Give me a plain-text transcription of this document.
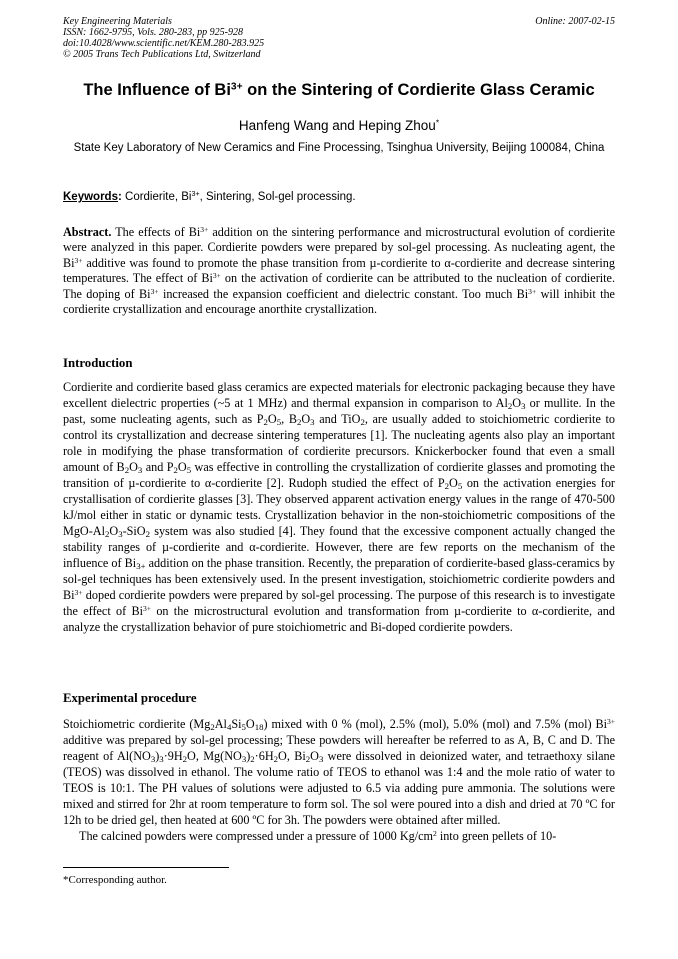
Key Engineering Materials
ISSN: 1662-9795, Vols. 280-283, pp 925-928
doi:10.4028/www.scientific.net/KEM.280-283.925
© 2005 Trans Tech Publications Ltd, Switzerland
Online: 2007-02-15
The Influence of $Bi^{3+}$ on the Sintering of Cordierite Glass Ceramic
Hanfeng Wang and Heping Zhou*
State Key Laboratory of New Ceramics and Fine Processing, Tsinghua University, Beijing 100084, China
Keywords: Cordierite, $Bi^{3+}$, Sintering, Sol-gel processing.
Abstract. The effects of $Bi^{3+}$ addition on the sintering performance and microstructural evolution of cordierite were analyzed in this paper. Cordierite powders were prepared by sol-gel processing. As nucleating agent, the $Bi^{3+}$ additive was found to promote the phase transition from µ-cordierite to α-cordierite and decrease sintering temperatures. The effect of $Bi^{3+}$ on the activation of cordierite can be attributed to the nucleation of cordierite. The doping of $Bi^{3+}$ increased the expansion coefficient and dielectric constant. Too much $Bi^{3+}$ will inhibit the cordierite crystallization and encourage anorthite crystallization.
Introduction

Cordierite and cordierite based glass ceramics are expected materials for electronic packaging because they have excellent dielectric properties (~5 at 1 MHz) and thermal expansion in comparison to $Al_2O_3$ or mullite. In the past, some nucleating agents, such as $P_2O_5$, $B_2O_3$ and TiO$_2$, are usually added to stoichiometric cordierite to control its crystallization and decrease sintering temperatures [1]. The nucleating agents also play an important role in modifying the phase transformation of cordierite precursors. Knickerbocker found that even a small amount of $B_2O_3$ and $P_2O_5$ was effective in controlling the crystallization of cordierite glasses and promoting the transition of µ-cordierite to α-cordierite [2]. Rudoph studied the effect of $P_2O_5$ on the activation energies for crystallisation of cordierite glasses [3]. They observed apparent activation energy values in the range of 470-500 kJ/mol either in static or dynamic tests. Crystallization behavior in the non-stoichiometric compositions of the MgO-$Al_2O_3-SiO_2$ system was also studied [4]. They found that the excessive component actually changed the stability ranges of µ-cordierite and α-cordierite. However, there are few reports on the mechanism of the influence of $Bi_{3+}$ addition on the phase transition. Recently, the preparation of cordierite-based glass-ceramics by sol-gel techniques has been extensively used. In the present investigation, stoichiometric cordierite powders and $Bi^{3+}$ doped cordierite powders were prepared by sol-gel processing. The purpose of this research is to investigate the effect of $Bi^{3+}$ on the microstructural evolution and transformation from µ-cordierite to α-cordierite, and analyze the crystallization behavior of pure stoichiometric and Bi-doped cordierite powders.

Experimental procedure

Stoichiometric cordierite $(Mg_2Al_4Si_5O_{18})$ mixed with 0 % (mol), 2.5% (mol), 5.0% (mol) and 7.5% (mol) $Bi^{3+}$ additive was prepared by sol-gel processing; These powders will hereafter be referred to as A, B, C and D. The reagent of $Al(NO_3)_3\cdot 9H_2O$, $Mg(NO_3)_2\cdot 6H_2O$, $Bi_2O_3$ were dissolved in deionized water, and tetraethoxy silane (TEOS) was dissolved in ethanol. The volume ratio of TEOS to ethanol was 1:4 and the mole ratio of water to TEOS is 10:1. The PH values of solutions were adjusted to 6.5 via adding pure ammonia. The solutions were mixed and stirred for 2hr at room temperature to form sol. The sol were poured into a dish and dried at 70 ºC for 12h to be dried gel, then heated at 600 ºC for 3h. The powders were obtained after milled.

The calcined powders were compressed under a pressure of 1000 $Kg/cm^2$ into green pellets of 10-

*Corresponding author.
